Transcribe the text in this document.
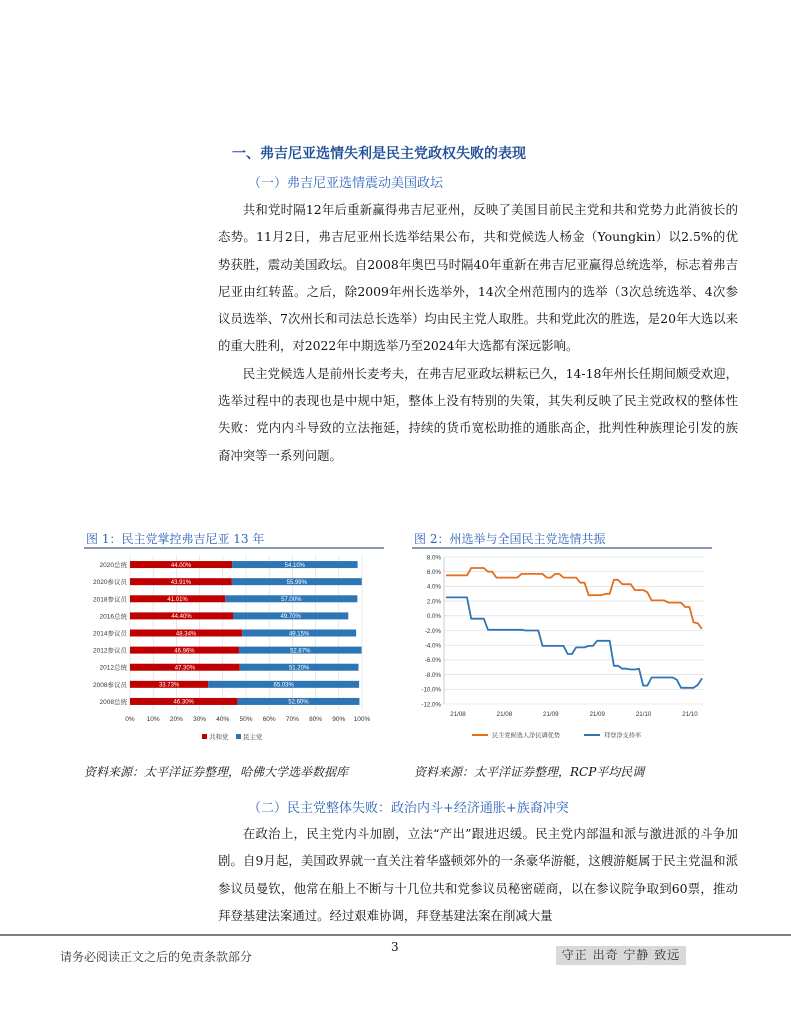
一、弗吉尼亚选情失利是民主党政权失败的表现
（一）弗吉尼亚选情震动美国政坛

共和党时隔12年后重新赢得弗吉尼亚州，反映了美国目前民主党和共和党势力此消彼长的态势。11月2日，弗吉尼亚州长选举结果公布，共和党候选人杨金（Youngkin）以2.5%的优势获胜，震动美国政坛。自2008年奥巴马时隔40年重新在弗吉尼亚赢得总统选举，标志着弗吉尼亚由红转蓝。之后，除2009年州长选举外，14次全州范围内的选举（3次总统选举、4次参议员选举、7次州长和司法总长选举）均由民主党人取胜。共和党此次的胜选，是20年大选以来的重大胜利，对2022年中期选举乃至2024年大选都有深远影响。

民主党候选人是前州长麦考夫，在弗吉尼亚政坛耕耘已久，14-18年州长任期间颇受欢迎，选举过程中的表现也是中规中矩，整体上没有特别的失策，其失利反映了民主党政权的整体性失败：党内内斗导致的立法拖延，持续的货币宽松助推的通胀高企，批判性种族理论引发的族裔冲突等一系列问题。

图 1：民主党掌控弗吉尼亚 13 年
0% 10% 20% 30% 40% 50% 60% 70% 80% 90% 100%
2020总统	44.00%	54.10%
2020参议员	43.91%	55.99%
2018参议员	41.01%	57.00%
2016总统	44.40%	49.70%
2014参议员	48.34%	49.15%
2012参议员	46.96%	52.87%
2012总统	47.30%	51.20%
2008参议员	33.73%	65.03%
2008总统	46.30%	52.60%
共和党 民主党
资料来源：太平洋证券整理，哈佛大学选举数据库
图 2：州选举与全国民主党选情共振
8.0%
6.0%
4.0%
2.0%
0.0%
-2.0%
-4.0%
-6.0%
-8.0%
-10.0%
-12.0%
21/08	21/08	21/09	21/09	21/10	21/10
民主党候选人净民调优势	拜登净支持率
资料来源：太平洋证券整理，RCP平均民调
（二）民主党整体失败：政治内斗+经济通胀+族裔冲突

在政治上，民主党内斗加剧，立法“产出”跟进迟缓。民主党内部温和派与激进派的斗争加剧。自9月起，美国政界就一直关注着华盛顿郊外的一条豪华游艇，这艘游艇属于民主党温和派参议员曼钦，他常在船上不断与十几位共和党参议员秘密磋商，以在参议院争取到60票，推动拜登基建法案通过。经过艰难协调，拜登基建法案在削减大量

3
请务必阅读正文之后的免责条款部分	守正 出奇 宁静 致远
